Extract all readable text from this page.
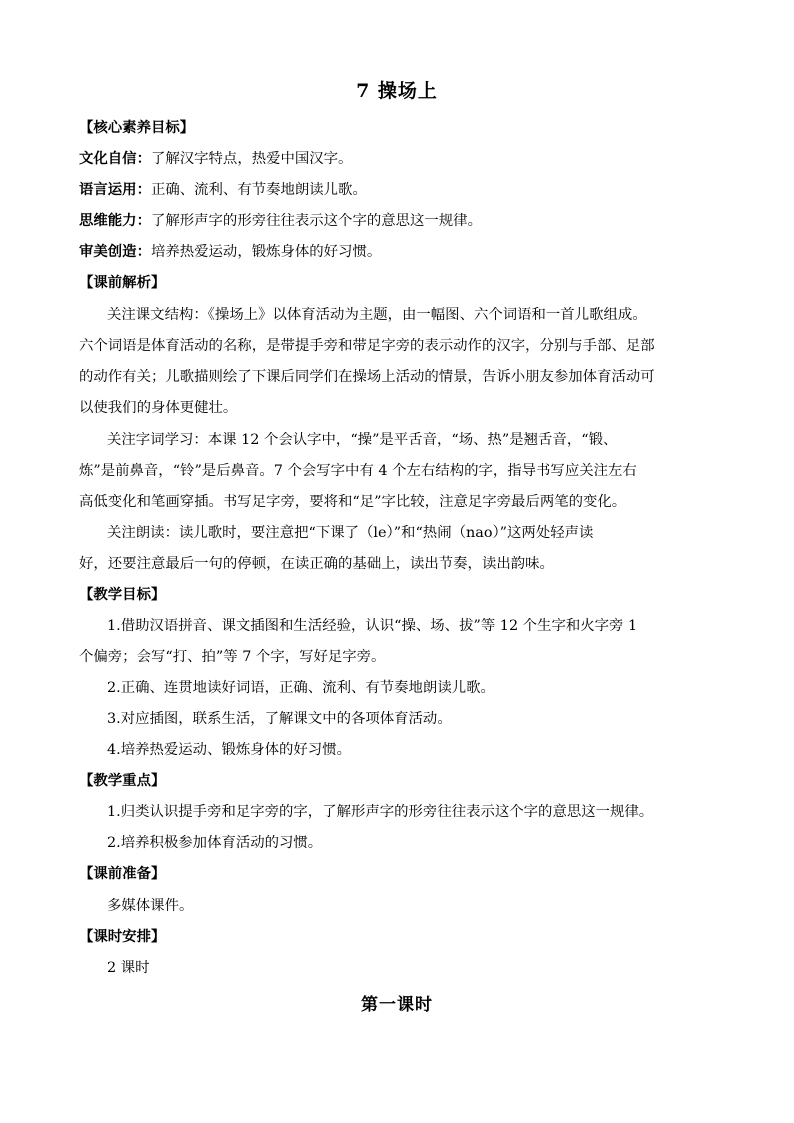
7 操场上
【核心素养目标】
文化自信：了解汉字特点，热爱中国汉字。
语言运用：正确、流利、有节奏地朗读儿歌。
思维能力：了解形声字的形旁往往表示这个字的意思这一规律。
审美创造：培养热爱运动，锻炼身体的好习惯。
【课前解析】
关注课文结构：《操场上》以体育活动为主题，由一幅图、六个词语和一首儿歌组成。
六个词语是体育活动的名称，是带提手旁和带足字旁的表示动作的汉字，分别与手部、足部
的动作有关；儿歌描则绘了下课后同学们在操场上活动的情景，告诉小朋友参加体育活动可
以使我们的身体更健壮。
关注字词学习：本课 12 个会认字中，“操”是平舌音，“场、热”是翘舌音，“锻、
炼”是前鼻音，“铃”是后鼻音。7 个会写字中有 4 个左右结构的字，指导书写应关注左右
高低变化和笔画穿插。书写足字旁，要将和“足”字比较，注意足字旁最后两笔的变化。
关注朗读：读儿歌时，要注意把“下课了（le）”和“热闹（nao）”这两处轻声读
好，还要注意最后一句的停顿，在读正确的基础上，读出节奏，读出韵味。
【教学目标】
1.借助汉语拼音、课文插图和生活经验，认识“操、场、拔”等 12 个生字和火字旁 1
个偏旁；会写“打、拍”等 7 个字，写好足字旁。
2.正确、连贯地读好词语，正确、流利、有节奏地朗读儿歌。
3.对应插图，联系生活，了解课文中的各项体育活动。
4.培养热爱运动、锻炼身体的好习惯。
【教学重点】
1.归类认识提手旁和足字旁的字，了解形声字的形旁往往表示这个字的意思这一规律。
2.培养积极参加体育活动的习惯。
【课前准备】
多媒体课件。
【课时安排】
2 课时
第一课时
